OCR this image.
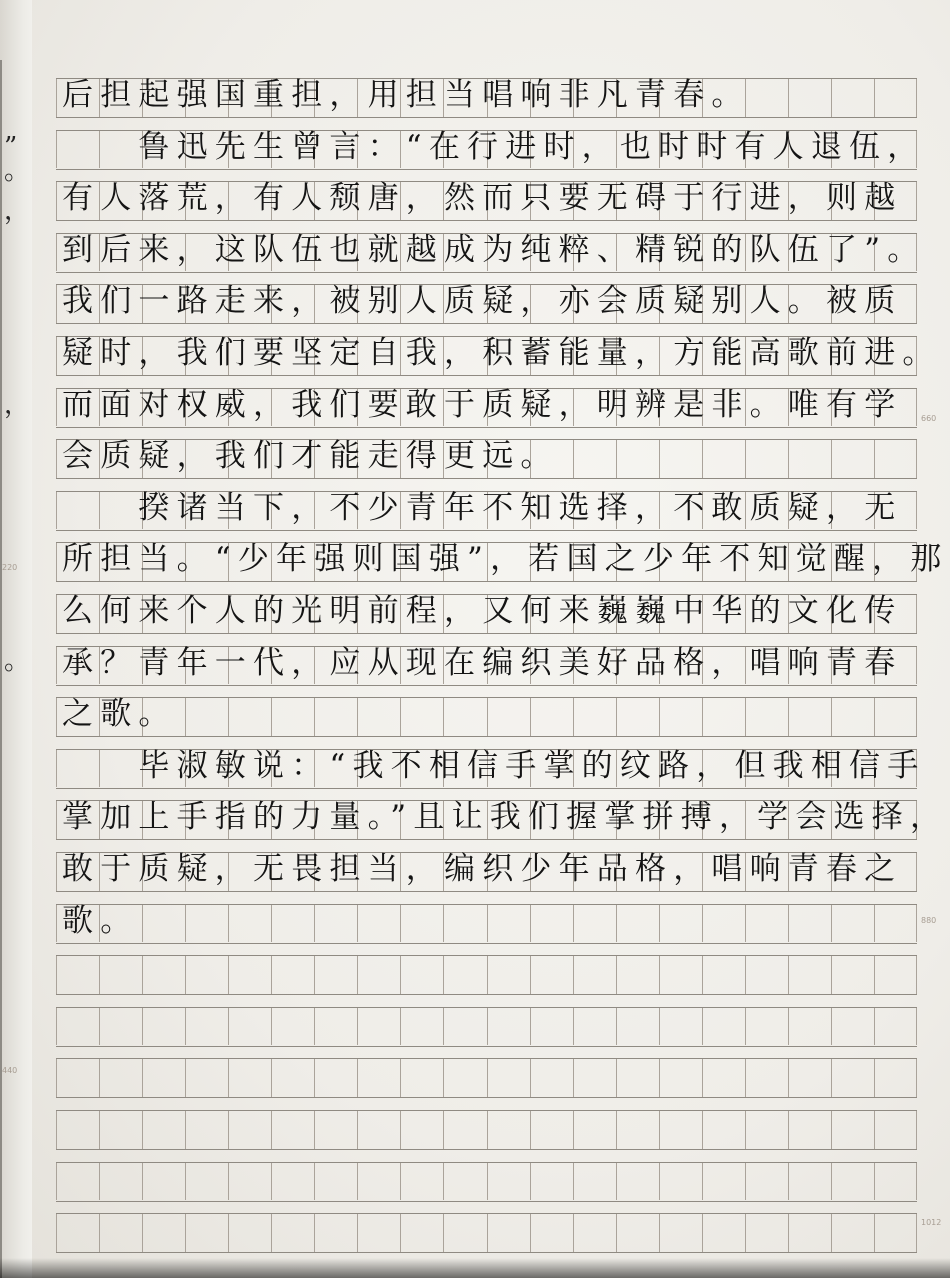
”
。
，
，
。
660
220
880
440
1012
后担起强国重担，用担当唱响非凡青春。
　　鲁迅先生曾言：“在行进时，也时时有人退伍，
有人落荒，有人颓唐，然而只要无碍于行进，则越
到后来，这队伍也就越成为纯粹、精锐的队伍了”。
我们一路走来，被别人质疑，亦会质疑别人。被质
疑时，我们要坚定自我，积蓄能量，方能高歌前进。
而面对权威，我们要敢于质疑，明辨是非。唯有学
会质疑，我们才能走得更远。
　　揆诸当下，不少青年不知选择，不敢质疑，无
所担当。“少年强则国强”，若国之少年不知觉醒，那
么何来个人的光明前程，又何来巍巍中华的文化传
承？青年一代，应从现在编织美好品格，唱响青春
之歌。
　　毕淑敏说：“我不相信手掌的纹路，但我相信手
掌加上手指的力量。”且让我们握掌拼搏，学会选择，
敢于质疑，无畏担当，编织少年品格，唱响青春之
歌。
